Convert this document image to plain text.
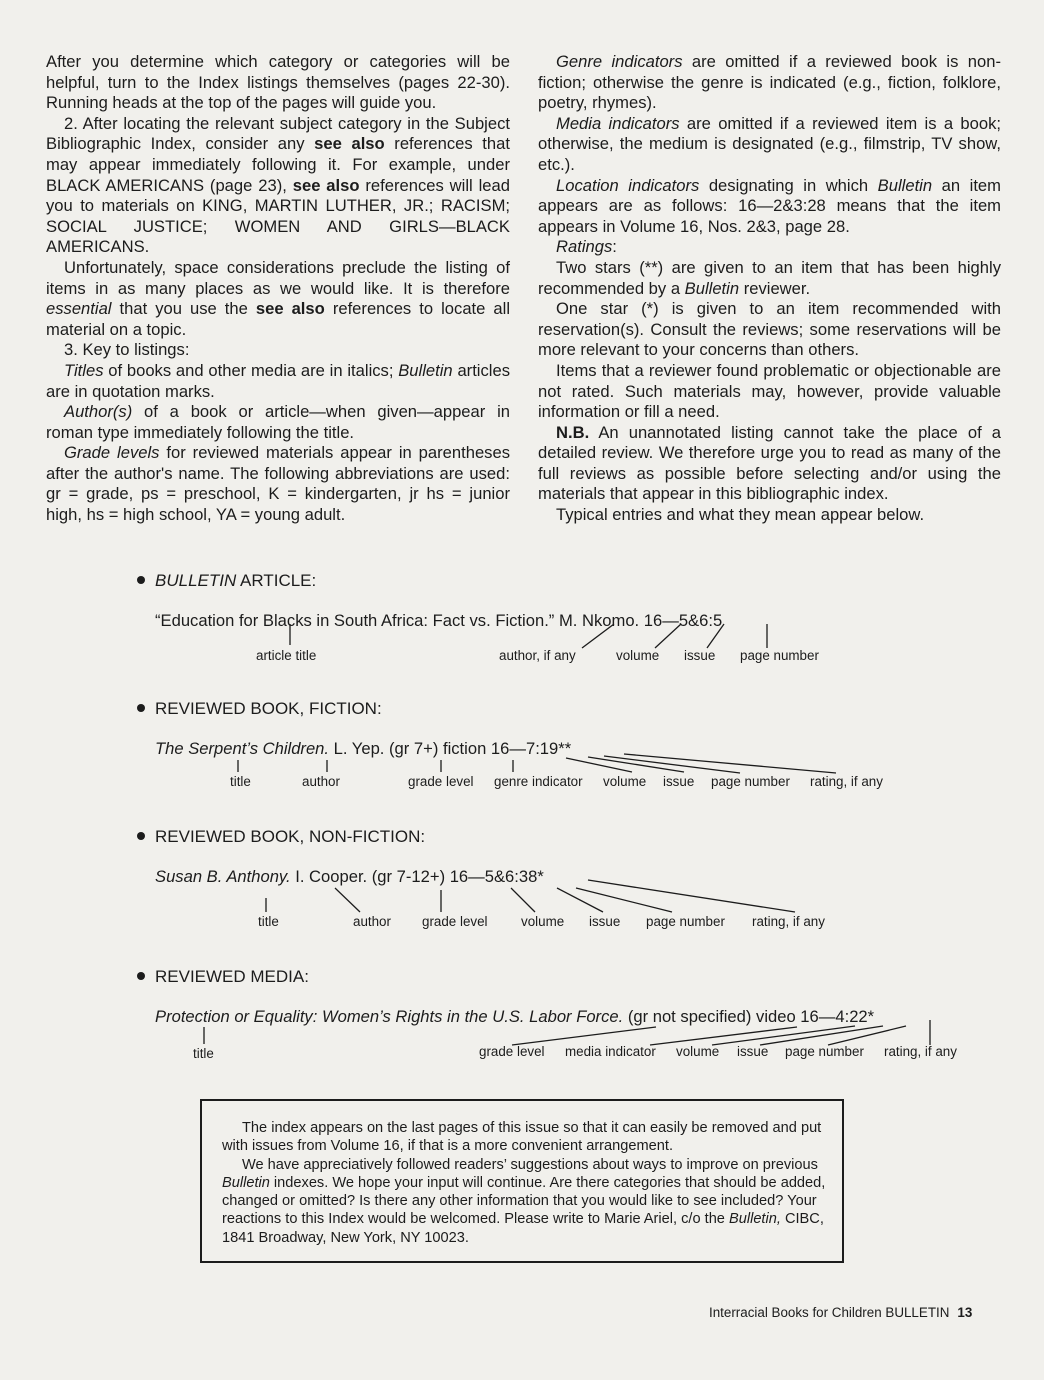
After you determine which category or categories will be helpful, turn to the Index listings themselves (pages 22-30). Running heads at the top of the pages will guide you.

2. After locating the relevant subject category in the Subject Bibliographic Index, consider any see also references that may appear immediately following it. For example, under BLACK AMERICANS (page 23), see also references will lead you to materials on KING, MARTIN LUTHER, JR.; RACISM; SOCIAL JUSTICE; WOMEN AND GIRLS—BLACK AMERICANS.

Unfortunately, space considerations preclude the listing of items in as many places as we would like. It is therefore essential that you use the see also references to locate all material on a topic.

3. Key to listings:

Titles of books and other media are in italics; Bulletin articles are in quotation marks.

Author(s) of a book or article—when given—appear in roman type immediately following the title.

Grade levels for reviewed materials appear in parentheses after the author's name. The following abbreviations are used: gr = grade, ps = preschool, K = kindergarten, jr hs = junior high, hs = high school, YA = young adult.

Genre indicators are omitted if a reviewed book is non-fiction; otherwise the genre is indicated (e.g., fiction, folklore, poetry, rhymes).

Media indicators are omitted if a reviewed item is a book; otherwise, the medium is designated (e.g., filmstrip, TV show, etc.).

Location indicators designating in which Bulletin an item appears are as follows: 16—2&3:28 means that the item appears in Volume 16, Nos. 2&3, page 28.

Ratings:

Two stars (**) are given to an item that has been highly recommended by a Bulletin reviewer.

One star (*) is given to an item recommended with reservation(s). Consult the reviews; some reservations will be more relevant to your concerns than others.

Items that a reviewer found problematic or objectionable are not rated. Such materials may, however, provide valuable information or fill a need.

N.B. An unannotated listing cannot take the place of a detailed review. We therefore urge you to read as many of the full reviews as possible before selecting and/or using the materials that appear in this bibliographic index.

Typical entries and what they mean appear below.

BULLETIN ARTICLE:
“Education for Blacks in South Africa: Fact vs. Fiction.” M. Nkomo. 16—5&6:5
article title	author, if any	volume issue page number
REVIEWED BOOK, FICTION:
The Serpent’s Children. L. Yep. (gr 7+) fiction 16—7:19**
title	author	grade level genre indicator volume issue page number rating, if any
REVIEWED BOOK, NON-FICTION:
Susan B. Anthony. I. Cooper. (gr 7-12+) 16—5&6:38*
title	author grade level volume issue page number rating, if any
REVIEWED MEDIA:
Protection or Equality: Women’s Rights in the U.S. Labor Force. (gr not specified) video 16—4:22*
title	grade level media indicator volume issue page number rating, if any

The index appears on the last pages of this issue so that it can easily be removed and put with issues from Volume 16, if that is a more convenient arrangement.

We have appreciatively followed readers’ suggestions about ways to improve on previous Bulletin indexes. We hope your input will continue. Are there categories that should be added, changed or omitted? Is there any other information that you would like to see included? Your reactions to this Index would be welcomed. Please write to Marie Ariel, c/o the Bulletin, CIBC, 1841 Broadway, New York, NY 10023.

Interracial Books for Children BULLETIN 13
